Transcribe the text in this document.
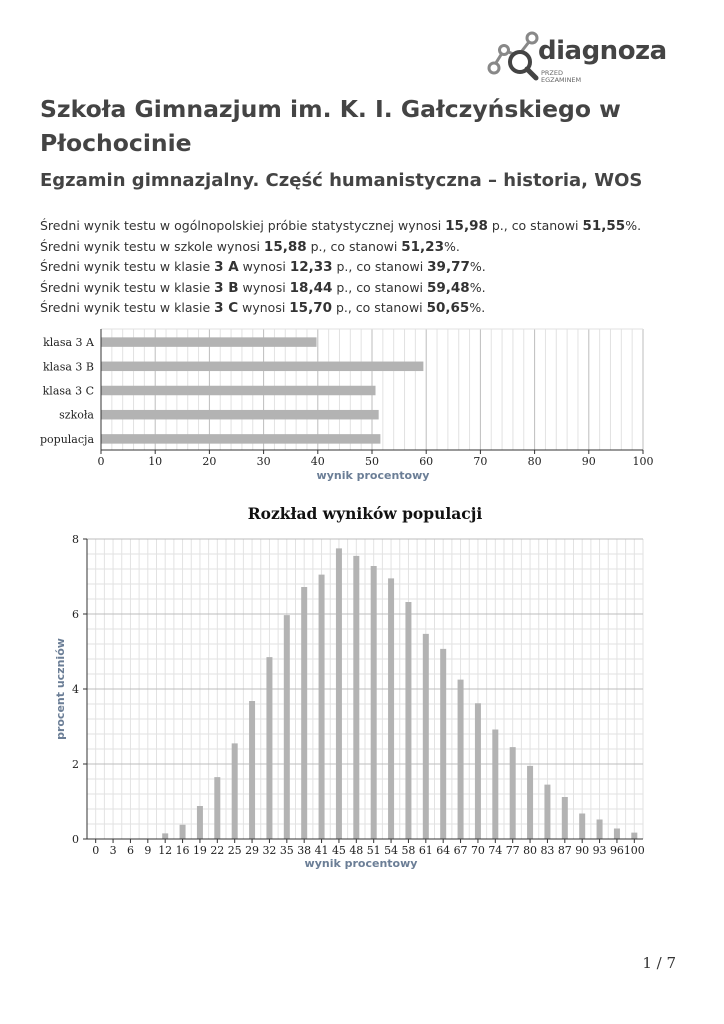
diagnoza
PRZED
EGZAMINEM
Szkoła Gimnazjum im. K. I. Gałczyńskiego w Płochocinie
Egzamin gimnazjalny. Część humanistyczna – historia, WOS
Średni wynik testu w ogólnopolskiej próbie statystycznej wynosi 15,98 p., co stanowi 51,55%.
Średni wynik testu w szkole wynosi 15,88 p., co stanowi 51,23%.
Średni wynik testu w klasie 3 A wynosi 12,33 p., co stanowi 39,77%.
Średni wynik testu w klasie 3 B wynosi 18,44 p., co stanowi 59,48%.
Średni wynik testu w klasie 3 C wynosi 15,70 p., co stanowi 50,65%.
klasa 3 A
klasa 3 B
klasa 3 C
szkoła
populacja
0	10	20	30	40	50	60	70	80	90	100
wynik procentowy
Rozkład wyników populacji
0 3 6 9 12 16 19 22 25 29 32 35 38 41 45 48 51 54 58 61 64 67 70 74 77 80 83 87 90 93 96 100
0
2
4
6
8
wynik procentowy
procent uczniów
1 / 7
